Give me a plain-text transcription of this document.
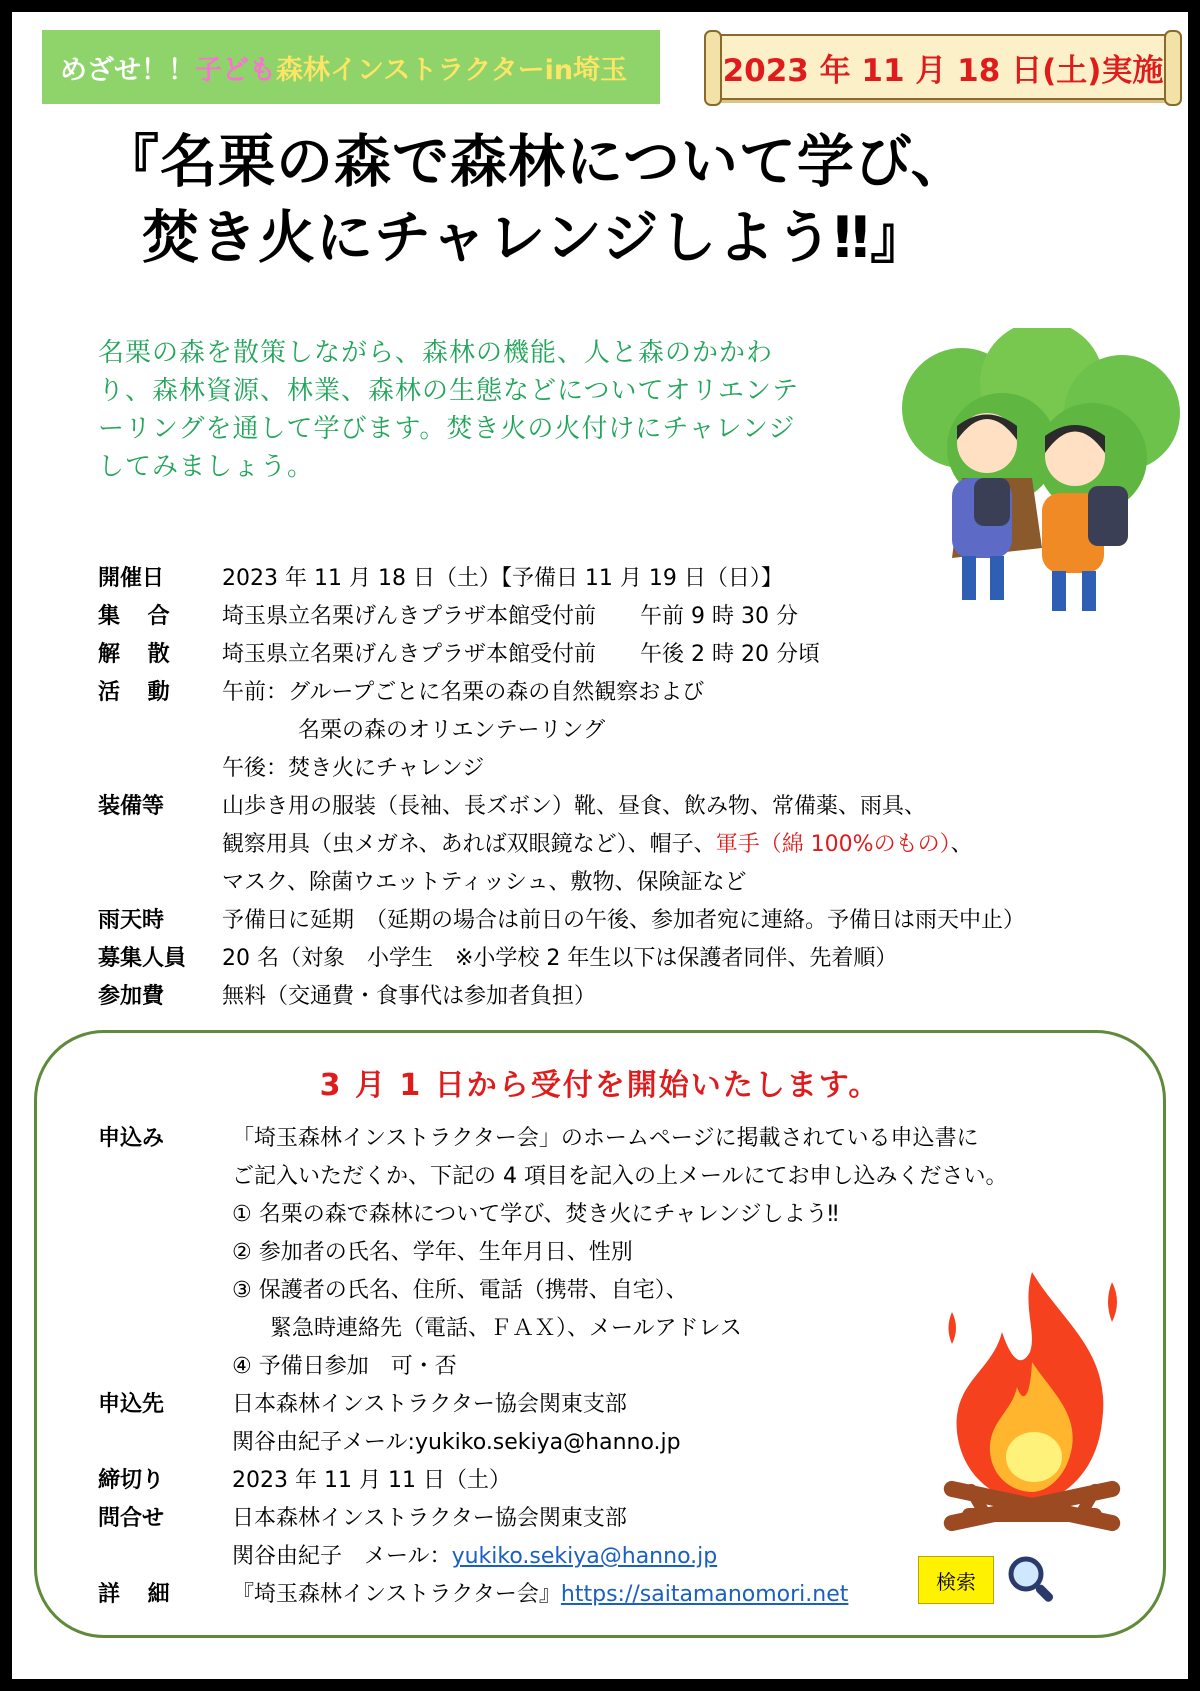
めざせ！！ 子ども 森林インストラクターin埼玉	2023 年 11 月 18 日(土)実施
『名栗の森で森林について学び、
焚き火にチャレンジしよう‼』
名栗の森を散策しながら、森林の機能、人と森のかかわ
り、森林資源、林業、森林の生態などについてオリエンテ
ーリングを通して学びます。焚き火の火付けにチャレンジ
してみましょう。
開催日	2023 年 11 月 18 日（土）【予備日 11 月 19 日（日）】
集 合	埼玉県立名栗げんきプラザ本館受付前　　午前 9 時 30 分
解 散	埼玉県立名栗げんきプラザ本館受付前　　午後 2 時 20 分頃
活 動	午前：グループごとに名栗の森の自然観察および
名栗の森のオリエンテーリング
午後：焚き火にチャレンジ
装備等	山歩き用の服装（長袖、長ズボン）靴、昼食、飲み物、常備薬、雨具、
観察用具（虫メガネ、あれば双眼鏡など）、帽子、軍手（綿 100%のもの）、
マスク、除菌ウエットティッシュ、敷物、保険証など
雨天時	予備日に延期　（延期の場合は前日の午後、参加者宛に連絡。予備日は雨天中止）
募集人員	20 名（対象　小学生　※小学校 2 年生以下は保護者同伴、先着順）
参加費	無料（交通費・食事代は参加者負担）
3 月 1 日から受付を開始いたします。
申込み	「埼玉森林インストラクター会」のホームページに掲載されている申込書に
ご記入いただくか、下記の 4 項目を記入の上メールにてお申し込みください。
① 名栗の森で森林について学び、焚き火にチャレンジしよう‼
② 参加者の氏名、学年、生年月日、性別
③ 保護者の氏名、住所、電話（携帯、自宅）、
緊急時連絡先（電話、ＦＡＸ）、メールアドレス
④ 予備日参加　可・否
申込先	日本森林インストラクター協会関東支部
関谷由紀子メール:yukiko.sekiya@hanno.jp
締切り	2023 年 11 月 11 日（土）
問合せ	日本森林インストラクター協会関東支部
関谷由紀子　メール：yukiko.sekiya@hanno.jp
詳 細	『埼玉森林インストラクター会』https://saitamanomori.net
検索
